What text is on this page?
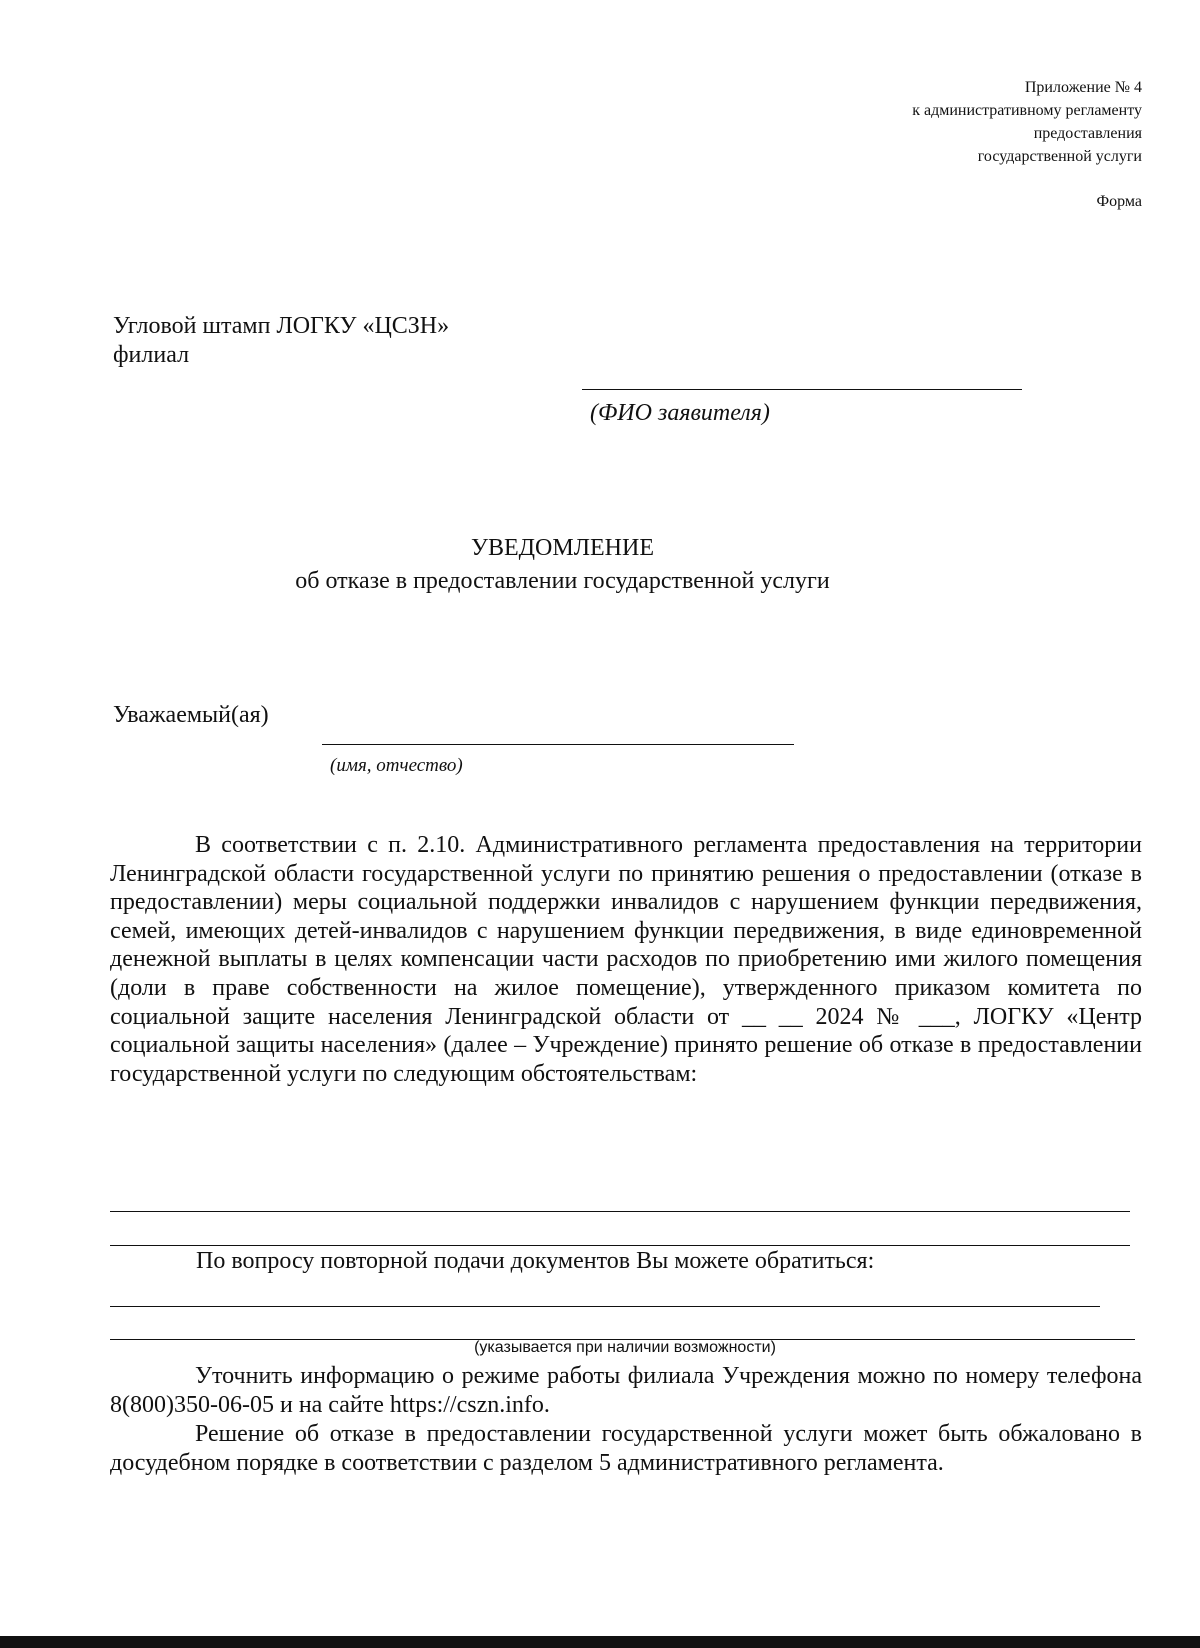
Приложение № 4
к административному регламенту
предоставления
государственной услуги
Форма
Угловой штамп ЛОГКУ «ЦСЗН»
филиал
(ФИО заявителя)
УВЕДОМЛЕНИЕ
об отказе в предоставлении государственной услуги
Уважаемый(ая)
(имя, отчество)

В соответствии с п. 2.10. Административного регламента предоставления на территории Ленинградской области государственной услуги по принятию решения о предоставлении (отказе в предоставлении) меры социальной поддержки инвалидов с нарушением функции передвижения, семей, имеющих детей-инвалидов с нарушением функции передвижения, в виде единовременной денежной выплаты в целях компенсации части расходов по приобретению ими жилого помещения (доли в праве собственности на жилое помещение), утвержденного приказом комитета по социальной защите населения Ленинградской области от __ __ 2024 № ___, ЛОГКУ «Центр социальной защиты населения» (далее – Учреждение) принято решение об отказе в предоставлении государственной услуги по следующим обстоятельствам:

По вопросу повторной подачи документов Вы можете обратиться:
(указывается при наличии возможности)

Уточнить информацию о режиме работы филиала Учреждения можно по номеру телефона 8(800)350-06-05 и на сайте https://cszn.info.

Решение об отказе в предоставлении государственной услуги может быть обжаловано в досудебном порядке в соответствии с разделом 5 административного регламента.
